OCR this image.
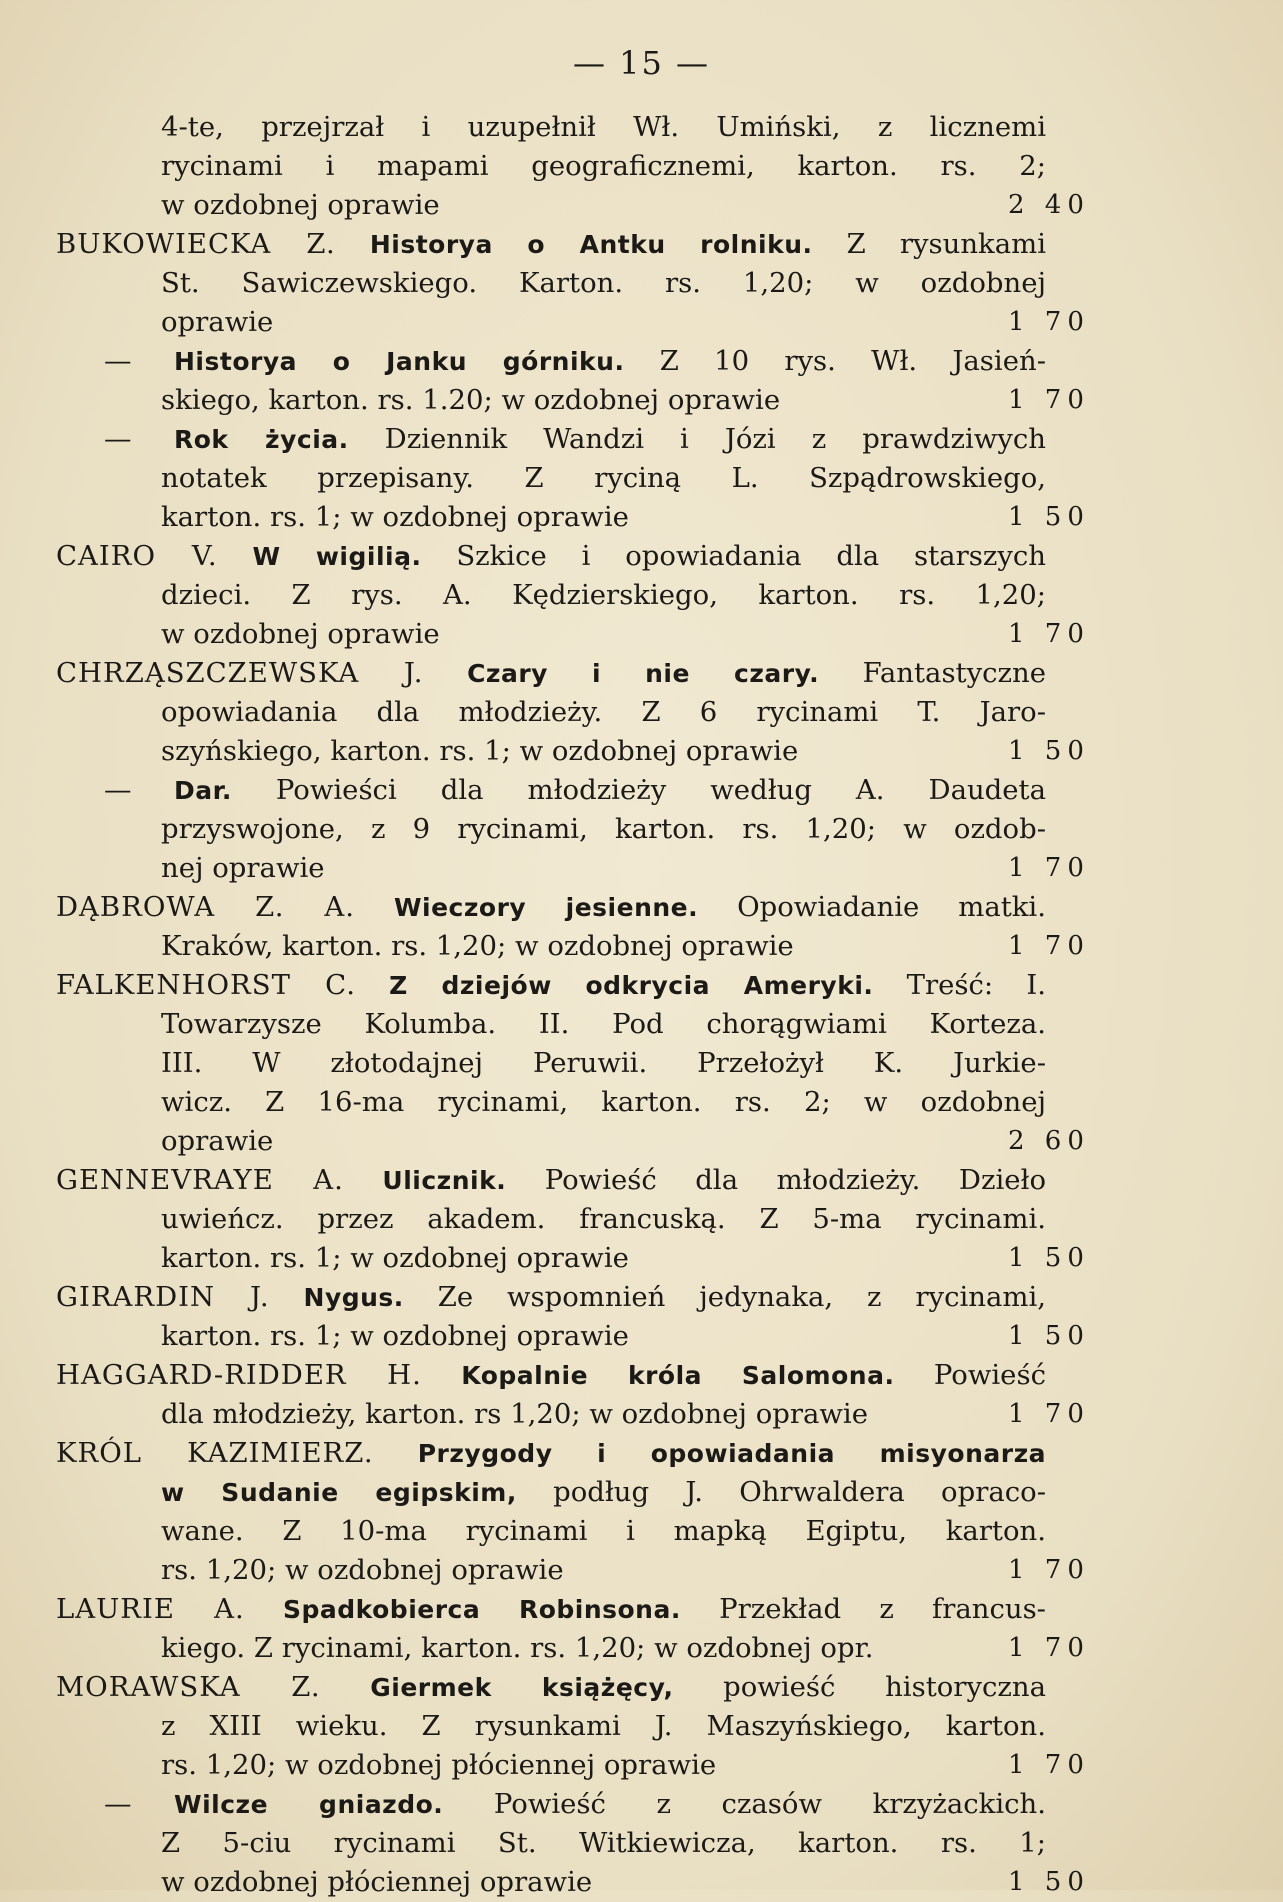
— 15 —
4-te, przejrzał i uzupełnił Wł. Umiński, z licznemi
rycinami i mapami geograficznemi, karton. rs. 2;
w ozdobnej oprawie	2 40
BUKOWIECKA Z. Historya o Antku rolniku. Z rysunkami
St. Sawiczewskiego. Karton. rs. 1,20; w ozdobnej
oprawie	1 70
— Historya o Janku górniku. Z 10 rys. Wł. Jasień-
skiego, karton. rs. 1.20; w ozdobnej oprawie	1 70
— Rok życia. Dziennik Wandzi i Józi z prawdziwych
notatek przepisany. Z ryciną L. Szpądrowskiego,
karton. rs. 1; w ozdobnej oprawie	1 50
CAIRO V. W wigilią. Szkice i opowiadania dla starszych
dzieci. Z rys. A. Kędzierskiego, karton. rs. 1,20;
w ozdobnej oprawie	1 70
CHRZĄSZCZEWSKA J. Czary i nie czary. Fantastyczne
opowiadania dla młodzieży. Z 6 rycinami T. Jaro-
szyńskiego, karton. rs. 1; w ozdobnej oprawie	1 50
— Dar. Powieści dla młodzieży według A. Daudeta
przyswojone, z 9 rycinami, karton. rs. 1,20; w ozdob-
nej oprawie	1 70
DĄBROWA Z. A. Wieczory jesienne. Opowiadanie matki.
Kraków, karton. rs. 1,20; w ozdobnej oprawie	1 70
FALKENHORST C. Z dziejów odkrycia Ameryki. Treść: I.
Towarzysze Kolumba. II. Pod chorągwiami Korteza.
III. W złotodajnej Peruwii. Przełożył K. Jurkie-
wicz. Z 16-ma rycinami, karton. rs. 2; w ozdobnej
oprawie	2 60
GENNEVRAYE A. Ulicznik. Powieść dla młodzieży. Dzieło
uwieńcz. przez akadem. francuską. Z 5-ma rycinami.
karton. rs. 1; w ozdobnej oprawie	1 50
GIRARDIN J. Nygus. Ze wspomnień jedynaka, z rycinami,
karton. rs. 1; w ozdobnej oprawie	1 50
HAGGARD-RIDDER H. Kopalnie króla Salomona. Powieść
dla młodzieży, karton. rs 1,20; w ozdobnej oprawie	1 70
KRÓL KAZIMIERZ. Przygody i opowiadania misyonarza
w Sudanie egipskim, podług J. Ohrwaldera opraco-
wane. Z 10-ma rycinami i mapką Egiptu, karton.
rs. 1,20; w ozdobnej oprawie	1 70
LAURIE A. Spadkobierca Robinsona. Przekład z francus-
kiego. Z rycinami, karton. rs. 1,20; w ozdobnej opr.	1 70
MORAWSKA Z. Giermek książęcy, powieść historyczna
z XIII wieku. Z rysunkami J. Maszyńskiego, karton.
rs. 1,20; w ozdobnej płóciennej oprawie	1 70
— Wilcze gniazdo. Powieść z czasów krzyżackich.
Z 5-ciu rycinami St. Witkiewicza, karton. rs. 1;
w ozdobnej płóciennej oprawie	1 50
